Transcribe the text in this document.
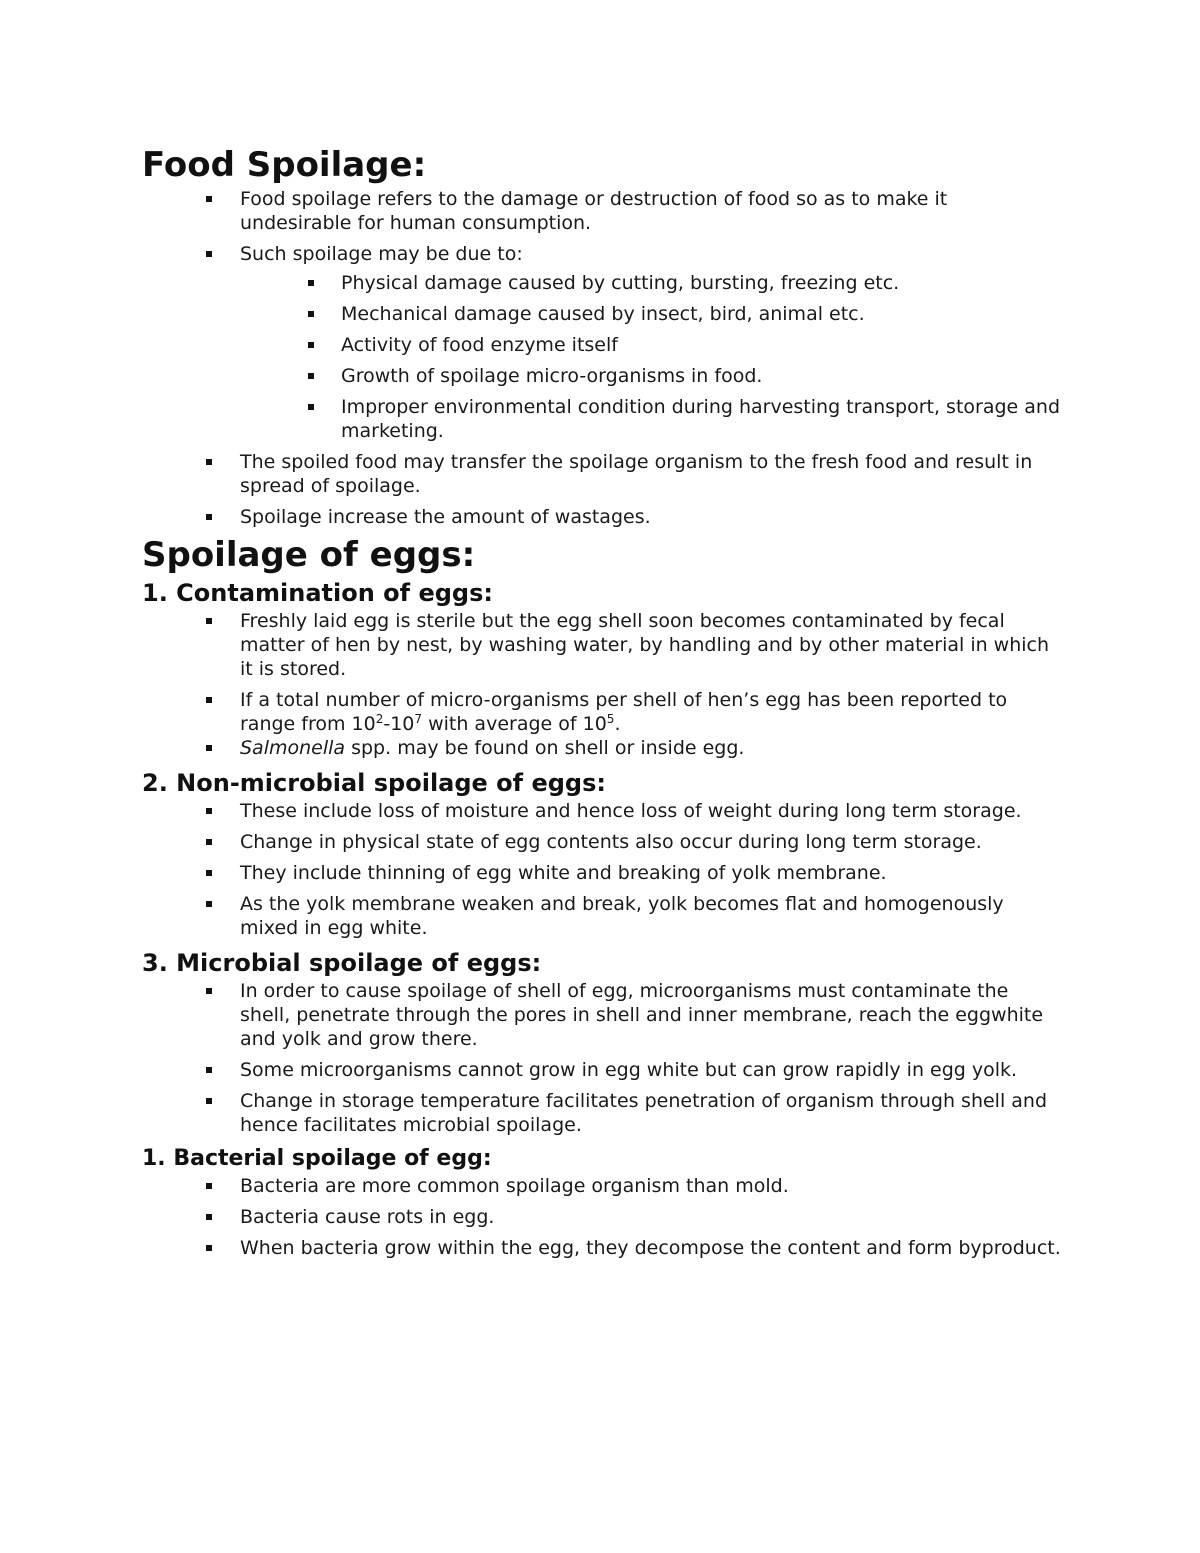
Food Spoilage:
Food spoilage refers to the damage or destruction of food so as to make it undesirable for human consumption.
Such spoilage may be due to:
Physical damage caused by cutting, bursting, freezing etc.
Mechanical damage caused by insect, bird, animal etc.
Activity of food enzyme itself
Growth of spoilage micro-organisms in food.
Improper environmental condition during harvesting transport, storage and marketing.
The spoiled food may transfer the spoilage organism to the fresh food and result in spread of spoilage.
Spoilage increase the amount of wastages.
Spoilage of eggs:
1. Contamination of eggs:
Freshly laid egg is sterile but the egg shell soon becomes contaminated by fecal matter of hen by nest, by washing water, by handling and by other material in which it is stored.
If a total number of micro-organisms per shell of hen’s egg has been reported to range from $10^2-10^7$ with average of $10^5$.
Salmonella spp. may be found on shell or inside egg.
2. Non-microbial spoilage of eggs:
These include loss of moisture and hence loss of weight during long term storage.
Change in physical state of egg contents also occur during long term storage.
They include thinning of egg white and breaking of yolk membrane.
As the yolk membrane weaken and break, yolk becomes flat and homogenously mixed in egg white.
3. Microbial spoilage of eggs:
In order to cause spoilage of shell of egg, microorganisms must contaminate the shell, penetrate through the pores in shell and inner membrane, reach the eggwhite and yolk and grow there.
Some microorganisms cannot grow in egg white but can grow rapidly in egg yolk.
Change in storage temperature facilitates penetration of organism through shell and hence facilitates microbial spoilage.
1. Bacterial spoilage of egg:
Bacteria are more common spoilage organism than mold.
Bacteria cause rots in egg.
When bacteria grow within the egg, they decompose the content and form byproduct.
